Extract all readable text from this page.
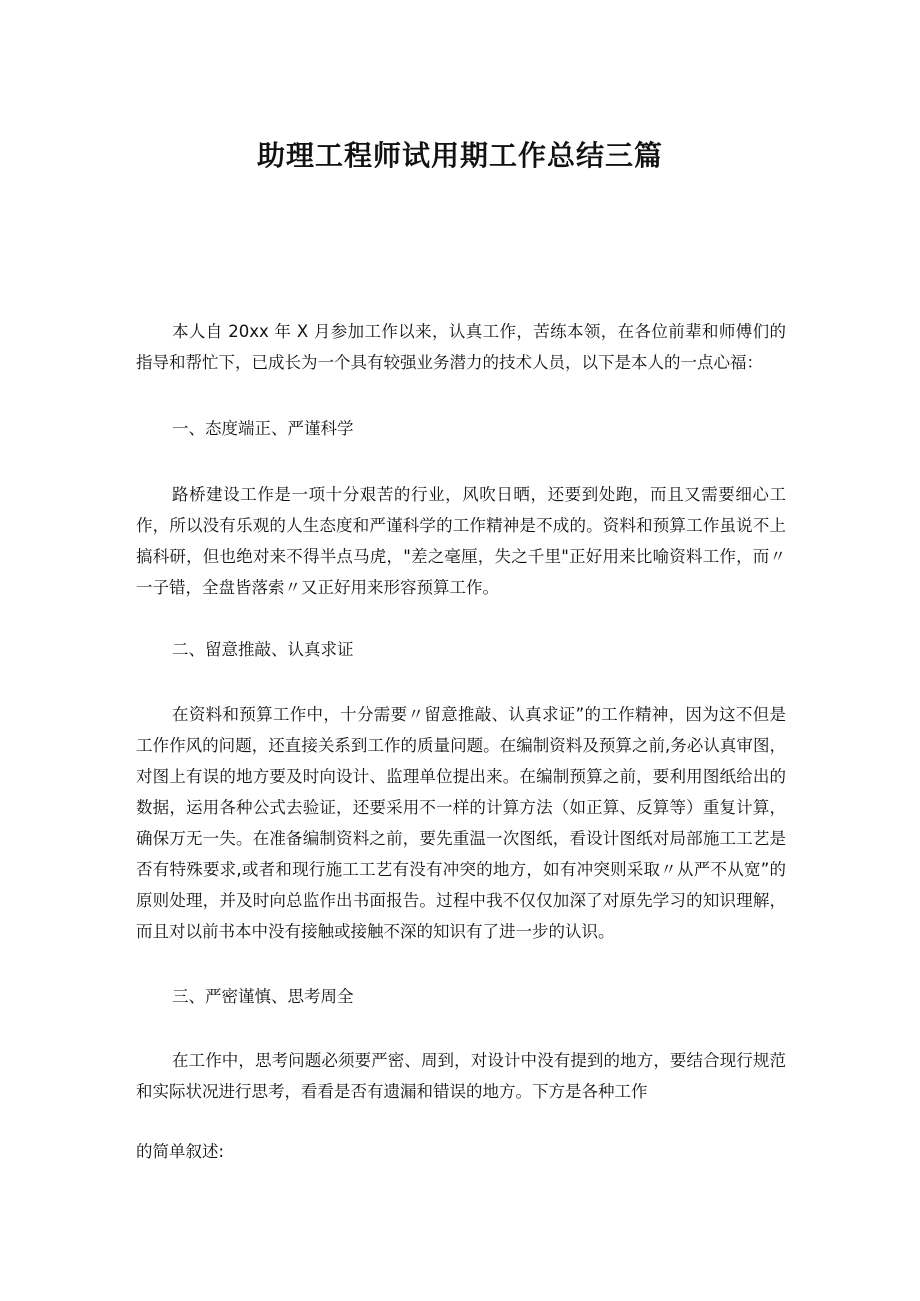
助理工程师试用期工作总结三篇

本人自 20xx 年 X 月参加工作以来，认真工作，苦练本领，在各位前辈和师傅们的指导和帮忙下，已成长为一个具有较强业务潜力的技术人员，以下是本人的一点心福：

一、态度端正、严谨科学

路桥建设工作是一项十分艰苦的行业，风吹日晒，还要到处跑，而且又需要细心工作，所以没有乐观的人生态度和严谨科学的工作精神是不成的。资料和预算工作虽说不上搞科研，但也绝对来不得半点马虎，"差之毫厘，失之千里"正好用来比喻资料工作，而〃一子错，全盘皆落索〃又正好用来形容预算工作。

二、留意推敲、认真求证

在资料和预算工作中，十分需要〃留意推敲、认真求证”的工作精神，因为这不但是工作作风的问题，还直接关系到工作的质量问题。在编制资料及预算之前,务必认真审图，对图上有误的地方要及时向设计、监理单位提出来。在编制预算之前，要利用图纸给出的数据，运用各种公式去验证，还要采用不一样的计算方法（如正算、反算等）重复计算，确保万无一失。在准备编制资料之前，要先重温一次图纸，看设计图纸对局部施工工艺是否有特殊要求,或者和现行施工工艺有没有冲突的地方，如有冲突则采取〃从严不从宽”的原则处理，并及时向总监作出书面报告。过程中我不仅仅加深了对原先学习的知识理解，而且对以前书本中没有接触或接触不深的知识有了进一步的认识。

三、严密谨慎、思考周全

在工作中，思考问题必须要严密、周到，对设计中没有提到的地方，要结合现行规范和实际状况进行思考，看看是否有遗漏和错误的地方。下方是各种工作

的简单叙述:
